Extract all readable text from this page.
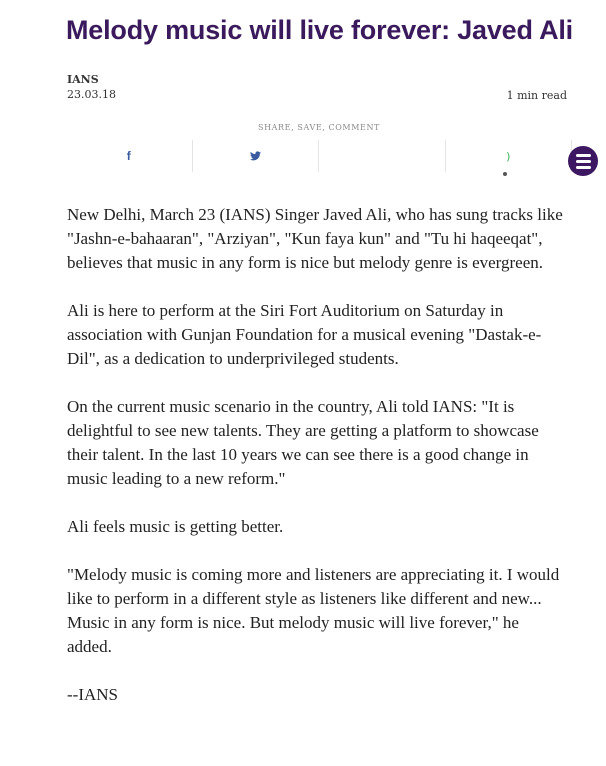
Melody music will live forever: Javed Ali
IANS
23.03.18	1 min read
SHARE, SAVE, COMMENT
f	)

New Delhi, March 23 (IANS) Singer Javed Ali, who has sung tracks like "Jashn-e-bahaaran", "Arziyan", "Kun faya kun" and "Tu hi haqeeqat", believes that music in any form is nice but melody genre is evergreen.

Ali is here to perform at the Siri Fort Auditorium on Saturday in association with Gunjan Foundation for a musical evening "Dastak-e-Dil", as a dedication to underprivileged students.

On the current music scenario in the country, Ali told IANS: "It is delightful to see new talents. They are getting a platform to showcase their talent. In the last 10 years we can see there is a good change in music leading to a new reform."

Ali feels music is getting better.

"Melody music is coming more and listeners are appreciating it. I would like to perform in a different style as listeners like different and new... Music in any form is nice. But melody music will live forever," he added.

--IANS
